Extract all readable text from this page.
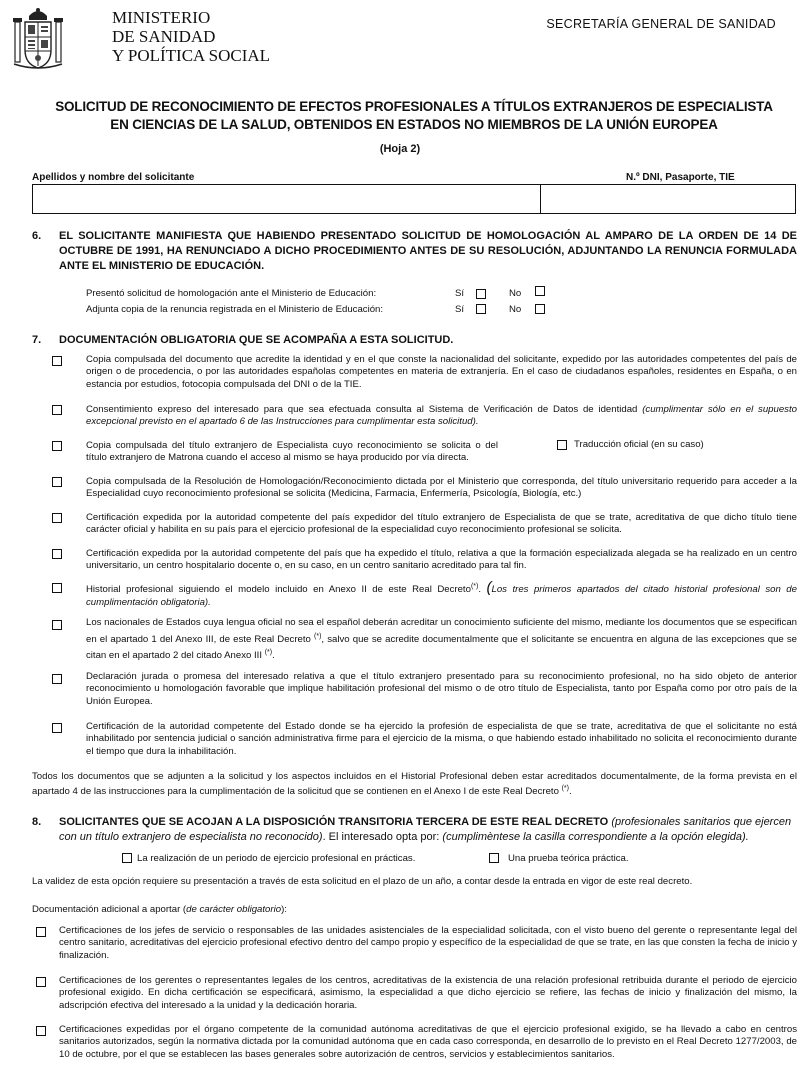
MINISTERIO
DE SANIDAD
Y POLÍTICA SOCIAL
SECRETARÍA GENERAL DE SANIDAD
SOLICITUD DE RECONOCIMIENTO DE EFECTOS PROFESIONALES A TÍTULOS EXTRANJEROS DE ESPECIALISTA
EN CIENCIAS DE LA SALUD, OBTENIDOS EN ESTADOS NO MIEMBROS DE LA UNIÓN EUROPEA
(Hoja 2)
Apellidos y nombre del solicitante	N.º DNI, Pasaporte, TIE
6. EL SOLICITANTE MANIFIESTA QUE HABIENDO PRESENTADO SOLICITUD DE HOMOLOGACIÓN AL AMPARO DE LA ORDEN DE 14 DE OCTUBRE DE 1991, HA RENUNCIADO A DICHO PROCEDIMIENTO ANTES DE SU RESOLUCIÓN, ADJUNTANDO LA RENUNCIA FORMULADA ANTE EL MINISTERIO DE EDUCACIÓN.
Presentó solicitud de homologación ante el Ministerio de Educación:
Adjunta copia de la renuncia registrada en el Ministerio de Educación:
Sí	No
Sí	No
7. DOCUMENTACIÓN OBLIGATORIA QUE SE ACOMPAÑA A ESTA SOLICITUD.
Copia compulsada del documento que acredite la identidad y en el que conste la nacionalidad del solicitante, expedido por las autoridades competentes del país de origen o de procedencia, o por las autoridades españolas competentes en materia de extranjería. En el caso de ciudadanos españoles, residentes en España, o en estancia por estudios, fotocopia compulsada del DNI o de la TIE.
Consentimiento expreso del interesado para que sea efectuada consulta al Sistema de Verificación de Datos de identidad (cumplimentar sólo en el supuesto excepcional previsto en el apartado 6 de las Instrucciones para cumplimentar esta solicitud).
Copia compulsada del título extranjero de Especialista cuyo reconocimiento se solicita o del título extranjero de Matrona cuando el acceso al mismo se haya producido por vía directa.
Traducción oficial (en su caso)
Copia compulsada de la Resolución de Homologación/Reconocimiento dictada por el Ministerio que corresponda, del título universitario requerido para acceder a la Especialidad cuyo reconocimiento profesional se solicita (Medicina, Farmacia, Enfermería, Psicología, Biología, etc.)
Certificación expedida por la autoridad competente del país expedidor del título extranjero de Especialista de que se trate, acreditativa de que dicho título tiene carácter oficial y habilita en su país para el ejercicio profesional de la especialidad cuyo reconocimiento profesional se solicita.
Certificación expedida por la autoridad competente del país que ha expedido el título, relativa a que la formación especializada alegada se ha realizado en un centro universitario, un centro hospitalario docente o, en su caso, en un centro sanitario acreditado para tal fin.
Historial profesional siguiendo el modelo incluido en Anexo II de este Real Decreto(*). (Los tres primeros apartados del citado historial profesional son de cumplimentación obligatoria).
Los nacionales de Estados cuya lengua oficial no sea el español deberán acreditar un conocimiento suficiente del mismo, mediante los documentos que se especifican en el apartado 1 del Anexo III, de este Real Decreto (*), salvo que se acredite documentalmente que el solicitante se encuentra en alguna de las excepciones que se citan en el apartado 2 del citado Anexo III (*).
Declaración jurada o promesa del interesado relativa a que el título extranjero presentado para su reconocimiento profesional, no ha sido objeto de anterior reconocimiento u homologación favorable que implique habilitación profesional del mismo o de otro título de Especialista, tanto por España como por otro país de la Unión Europea.
Certificación de la autoridad competente del Estado donde se ha ejercido la profesión de especialista de que se trate, acreditativa de que el solicitante no está inhabilitado por sentencia judicial o sanción administrativa firme para el ejercicio de la misma, o que habiendo estado inhabilitado no solicita el reconocimiento durante el tiempo que dura la inhabilitación.
Todos los documentos que se adjunten a la solicitud y los aspectos incluidos en el Historial Profesional deben estar acreditados documentalmente, de la forma prevista en el apartado 4 de las instrucciones para la cumplimentación de la solicitud que se contienen en el Anexo I de este Real Decreto (*).
8. SOLICITANTES QUE SE ACOJAN A LA DISPOSICIÓN TRANSITORIA TERCERA DE ESTE REAL DECRETO (profesionales sanitarios que ejercen con un título extranjero de especialista no reconocido). El interesado opta por: (cumplimèntese la casilla correspondiente a la opción elegida).
La realización de un periodo de ejercicio profesional en prácticas.	Una prueba teórica práctica.
La validez de esta opción requiere su presentación a través de esta solicitud en el plazo de un año, a contar desde la entrada en vigor de este real decreto.
Documentación adicional a aportar (de carácter obligatorio):
Certificaciones de los jefes de servicio o responsables de las unidades asistenciales de la especialidad solicitada, con el visto bueno del gerente o representante legal del centro sanitario, acreditativas del ejercicio profesional efectivo dentro del campo propio y específico de la especialidad de que se trate, en las que consten la fecha de inicio y finalización.
Certificaciones de los gerentes o representantes legales de los centros, acreditativas de la existencia de una relación profesional retribuida durante el periodo de ejercicio profesional exigido. En dicha certificación se especificará, asimismo, la especialidad a que dicho ejercicio se refiere, las fechas de inicio y finalización del mismo, la adscripción efectiva del interesado a la unidad y la dedicación horaria.
Certificaciones expedidas por el órgano competente de la comunidad autónoma acreditativas de que el ejercicio profesional exigido, se ha llevado a cabo en centros sanitarios autorizados, según la normativa dictada por la comunidad autónoma que en cada caso corresponda, en desarrollo de lo previsto en el Real Decreto 1277/2003, de 10 de octubre, por el que se establecen las bases generales sobre autorización de centros, servicios y establecimientos sanitarios.
